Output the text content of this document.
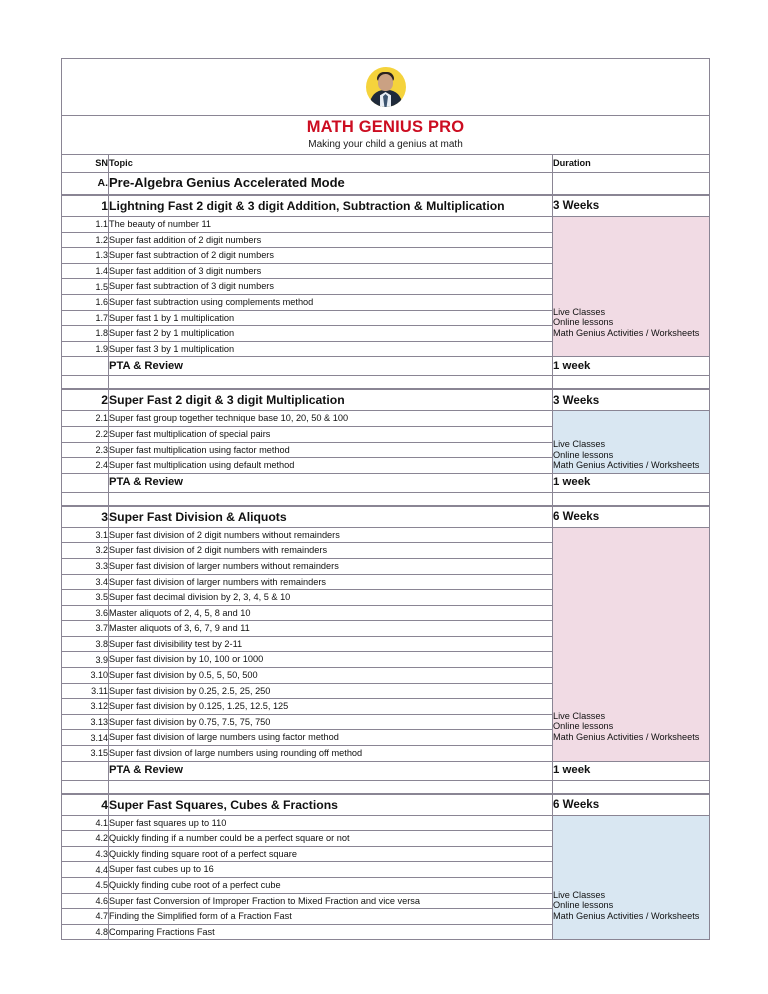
MATH GENIUS PRO
Making your child a genius at math		

SN	Topic	Duration
A.	Pre-Algebra Genius Accelerated Mode	
1	Lightning Fast 2 digit & 3 digit Addition, Subtraction & Multiplication	3 Weeks
1.1	The beauty of number 11	Live Classes
Online lessons
Math Genius Activities / Worksheets

1.2	Super fast addition of 2 digit numbers	
1.3	Super fast subtraction of 2 digit numbers	
1.4	Super fast addition of 3 digit numbers	
1.5	Super fast subtraction of 3 digit numbers	
1.6	Super fast subtraction using complements method	
1.7	Super fast 1 by 1 multiplication	
1.8	Super fast 2 by 1 multiplication	
1.9	Super fast 3 by 1 multiplication	
	PTA & Review	1 week

2	Super Fast 2 digit & 3 digit Multiplication	3 Weeks
2.1	Super fast group together technique base 10, 20, 50 & 100	Live Classes
Online lessons
Math Genius Activities / Worksheets

2.2	Super fast multiplication of special pairs	
2.3	Super fast multiplication using factor method	
2.4	Super fast multiplication using default method	
	PTA & Review	1 week

3	Super Fast Division & Aliquots	6 Weeks
3.1	Super fast division of 2 digit numbers without remainders	Live Classes
Online lessons
Math Genius Activities / Worksheets

3.2	Super fast division of 2 digit numbers with remainders	
3.3	Super fast division of larger numbers without remainders	
3.4	Super fast division of larger numbers with remainders	
3.5	Super fast decimal division by 2, 3, 4, 5 & 10	
3.6	Master aliquots of 2, 4, 5, 8 and 10	
3.7	Master aliquots of 3, 6, 7, 9 and 11	
3.8	Super fast divisibility test by 2-11	
3.9	Super fast division by 10, 100 or 1000	
3.10	Super fast division by 0.5, 5, 50, 500	
3.11	Super fast division by 0.25, 2.5, 25, 250	
3.12	Super fast division by 0.125, 1.25, 12.5, 125	
3.13	Super fast division by 0.75, 7.5, 75, 750	
3.14	Super fast division of large numbers using factor method	
3.15	Super fast divsion of large numbers using rounding off method	
	PTA & Review	1 week

4	Super Fast Squares, Cubes & Fractions	6 Weeks
4.1	Super fast squares up to 110	Live Classes
Online lessons
Math Genius Activities / Worksheets

4.2	Quickly finding if a number could be a perfect square or not	
4.3	Quickly finding square root of a perfect square	
4.4	Super fast cubes up to 16	
4.5	Quickly finding cube root of a perfect cube	
4.6	Super fast Conversion of Improper Fraction to Mixed Fraction and vice versa	
4.7	Finding the Simplified form of a Fraction Fast	
4.8	Comparing Fractions Fast	
